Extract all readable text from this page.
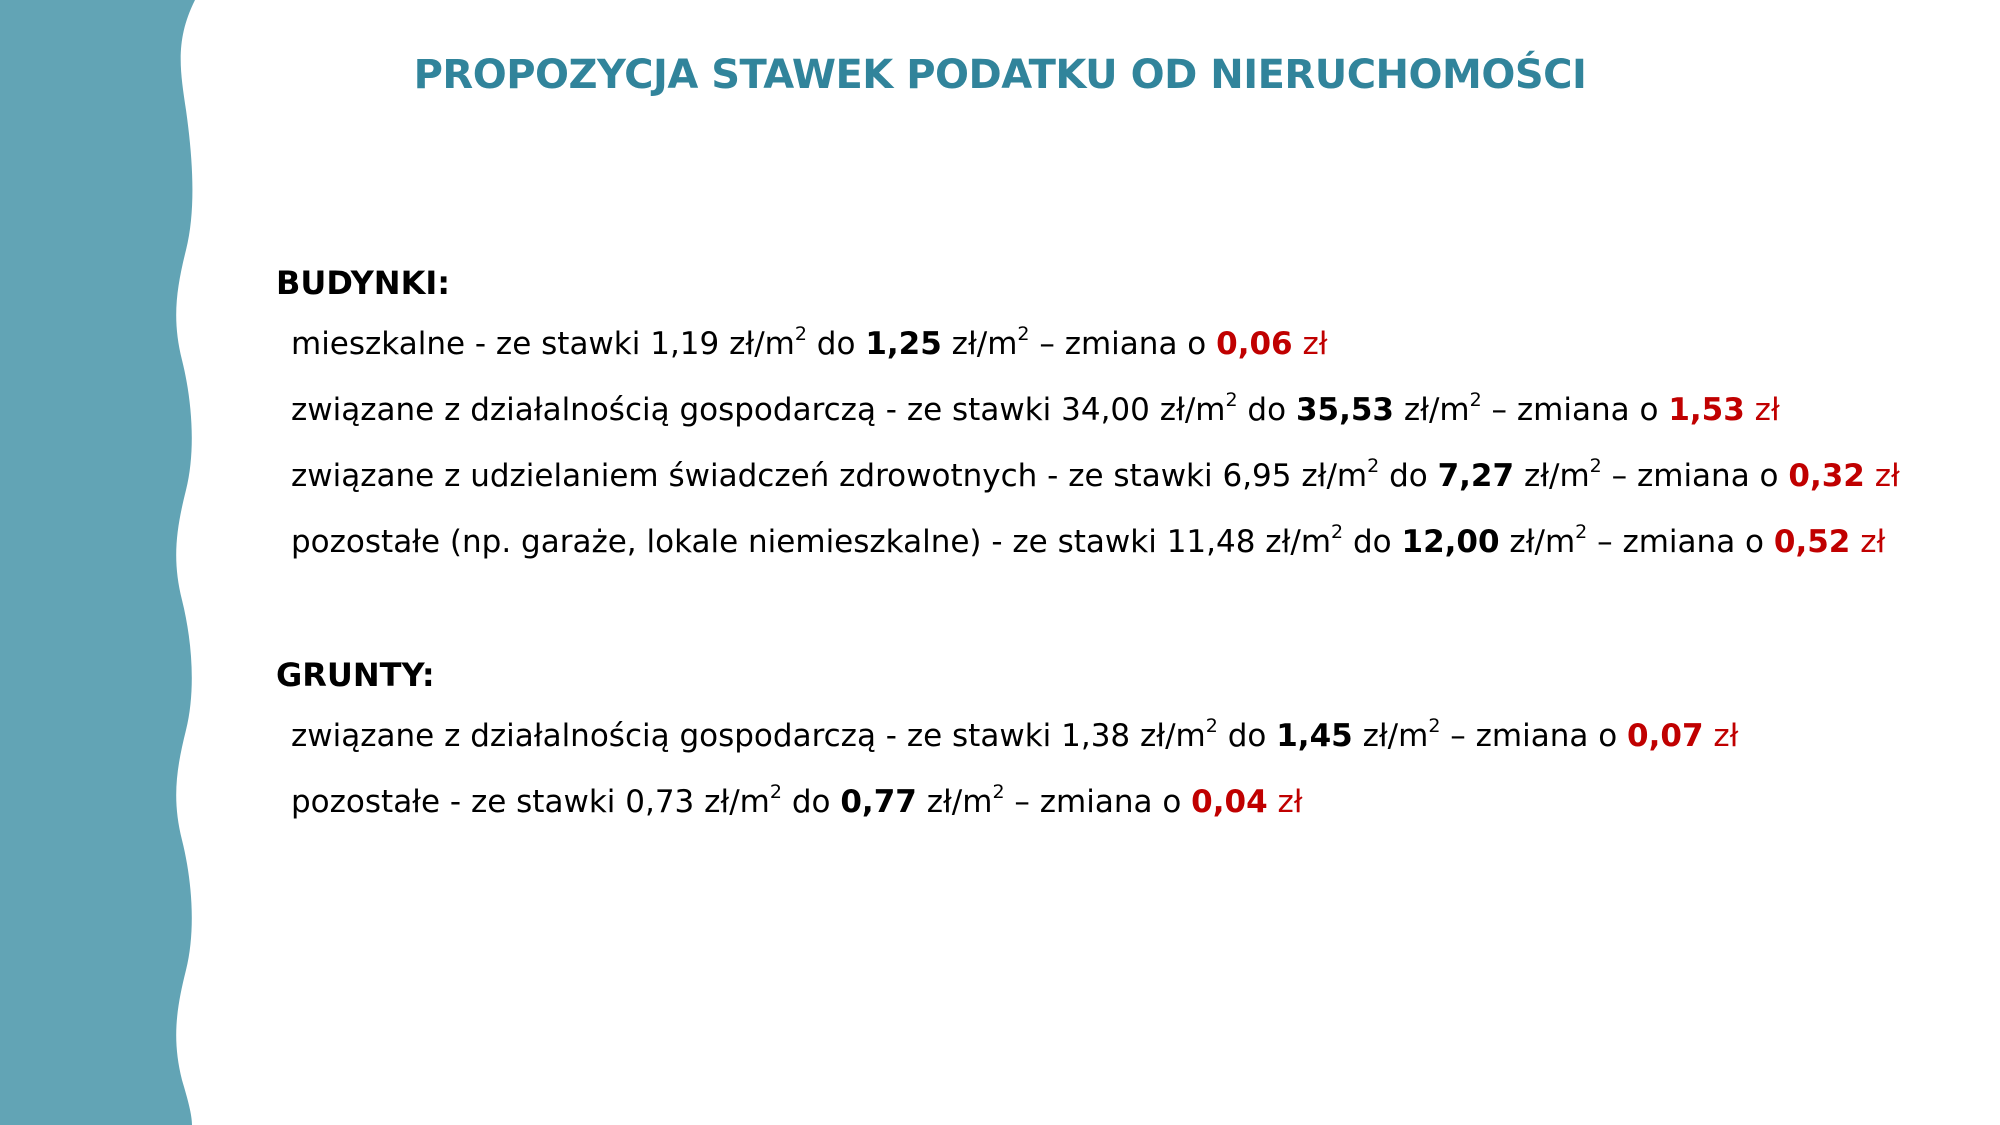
PROPOZYCJA STAWEK PODATKU OD NIERUCHOMOŚCI
BUDYNKI:
mieszkalne - ze stawki 1,19 $zł/m^2$ do 1,25 $zł/m^2$ – zmiana o 0,06 zł
związane z działalnością gospodarczą - ze stawki 34,00 $zł/m^2$ do 35,53 $zł/m^2$ – zmiana o 1,53 zł
związane z udzielaniem świadczeń zdrowotnych - ze stawki 6,95 $zł/m^2$ do 7,27 $zł/m^2$ – zmiana o 0,32 zł
pozostałe (np. garaże, lokale niemieszkalne) - ze stawki 11,48 $zł/m^2$ do 12,00 $zł/m^2$ – zmiana o 0,52 zł
GRUNTY:
związane z działalnością gospodarczą - ze stawki 1,38 $zł/m^2$ do 1,45 $zł/m^2$ – zmiana o 0,07 zł
pozostałe - ze stawki 0,73 $zł/m^2$ do 0,77 $zł/m^2$ – zmiana o 0,04 zł
